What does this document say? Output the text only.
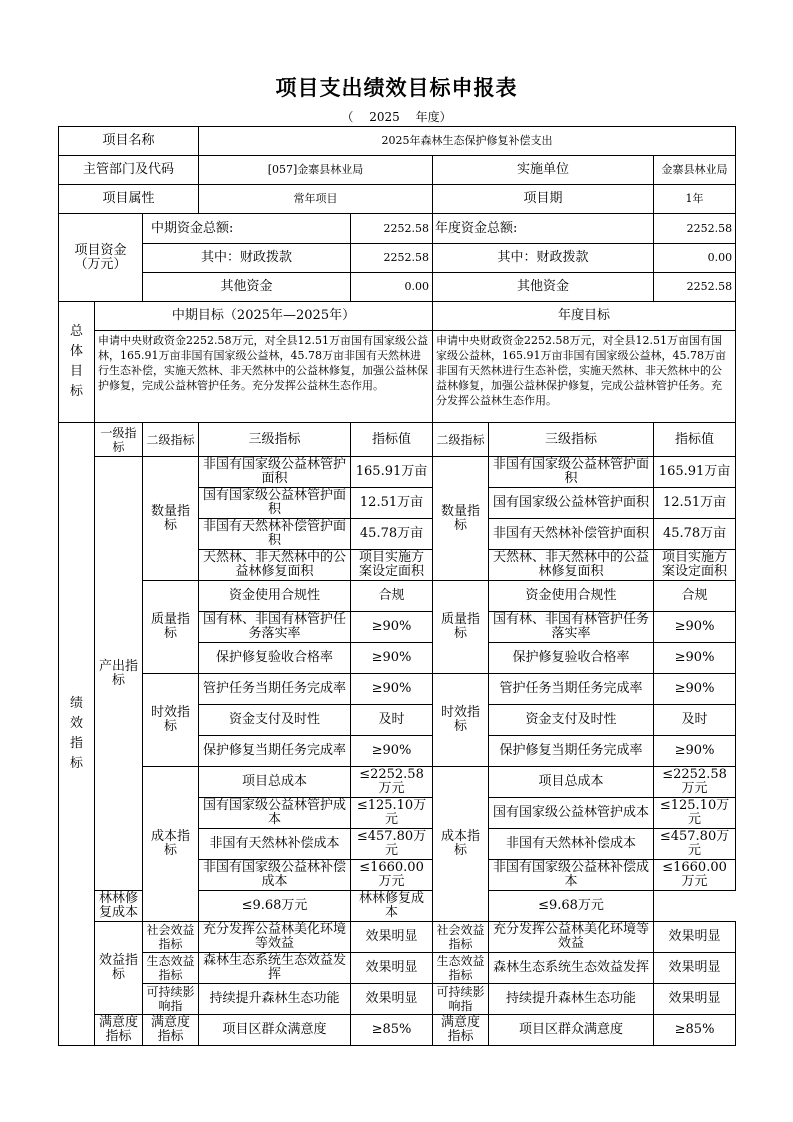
项目支出绩效目标申报表
（ 2025 年度）
项目名称			2025年森林生态保护修复补偿支出				
主管部门及代码			[057]金寨县林业局		实施单位		金寨县林业局
项目属性			常年项目		项目期		1年
项目资金
（万元）		中期资金总额:		2252.58	年度资金总额:		2252.58
		其中：财政拨款		2252.58	其中：财政拨款		0.00
		其他资金		0.00	其他资金		2252.58

总体目标	中期目标（2025年—2025年）				年度目标		
	申请中央财政资金2252.58万元，对全县12.51万亩国有国家级公益林，165.91万亩非国有国家级公益林，45.78万亩非国有天然林进行生态补偿，实施天然林、非天然林中的公益林修复，加强公益林保护修复，完成公益林管护任务。充分发挥公益林生态作用。				申请中央财政资金2252.58万元，对全县12.51万亩国有国家级公益林，165.91万亩非国有国家级公益林，45.78万亩非国有天然林进行生态补偿，实施天然林、非天然林中的公益林修复，加强公益林保护修复，完成公益林管护任务。充分发挥公益林生态作用。		

绩效指标	一级指标	二级指标	三级指标	指标值	二级指标	三级指标	指标值
	产出指标	数量指标	非国有国家级公益林管护面积	165.91万亩	数量指标	非国有国家级公益林管护面积	165.91万亩
			国有国家级公益林管护面积	12.51万亩		国有国家级公益林管护面积	12.51万亩
			非国有天然林补偿管护面积	45.78万亩		非国有天然林补偿管护面积	45.78万亩
			天然林、非天然林中的公益林修复面积	项目实施方案设定面积		天然林、非天然林中的公益林修复面积	项目实施方案设定面积
		质量指标	资金使用合规性	合规	质量指标	资金使用合规性	合规
			国有林、非国有林管护任务落实率	≥90%		国有林、非国有林管护任务落实率	≥90%
			保护修复验收合格率	≥90%		保护修复验收合格率	≥90%
		时效指标	管护任务当期任务完成率	≥90%	时效指标	管护任务当期任务完成率	≥90%
			资金支付及时性	及时		资金支付及时性	及时
			保护修复当期任务完成率	≥90%		保护修复当期任务完成率	≥90%
		成本指标	项目总成本	≤2252.58万元	成本指标	项目总成本	≤2252.58万元
			国有国家级公益林管护成本	≤125.10万元		国有国家级公益林管护成本	≤125.10万元
			非国有天然林补偿成本	≤457.80万元		非国有天然林补偿成本	≤457.80万元
			非国有国家级公益林补偿成本	≤1660.00万元		非国有国家级公益林补偿成本	≤1660.00万元
	林林修复成本		≤9.68万元	林林修复成本		≤9.68万元	
	效益指标	社会效益指标	充分发挥公益林美化环境等效益	效果明显	社会效益指标	充分发挥公益林美化环境等效益	效果明显
		生态效益指标	森林生态系统生态效益发挥	效果明显	生态效益指标	森林生态系统生态效益发挥	效果明显
		可持续影响指	持续提升森林生态功能	效果明显	可持续影响指	持续提升森林生态功能	效果明显
	满意度指标	满意度指标	项目区群众满意度	≥85%	满意度指标	项目区群众满意度	≥85%
